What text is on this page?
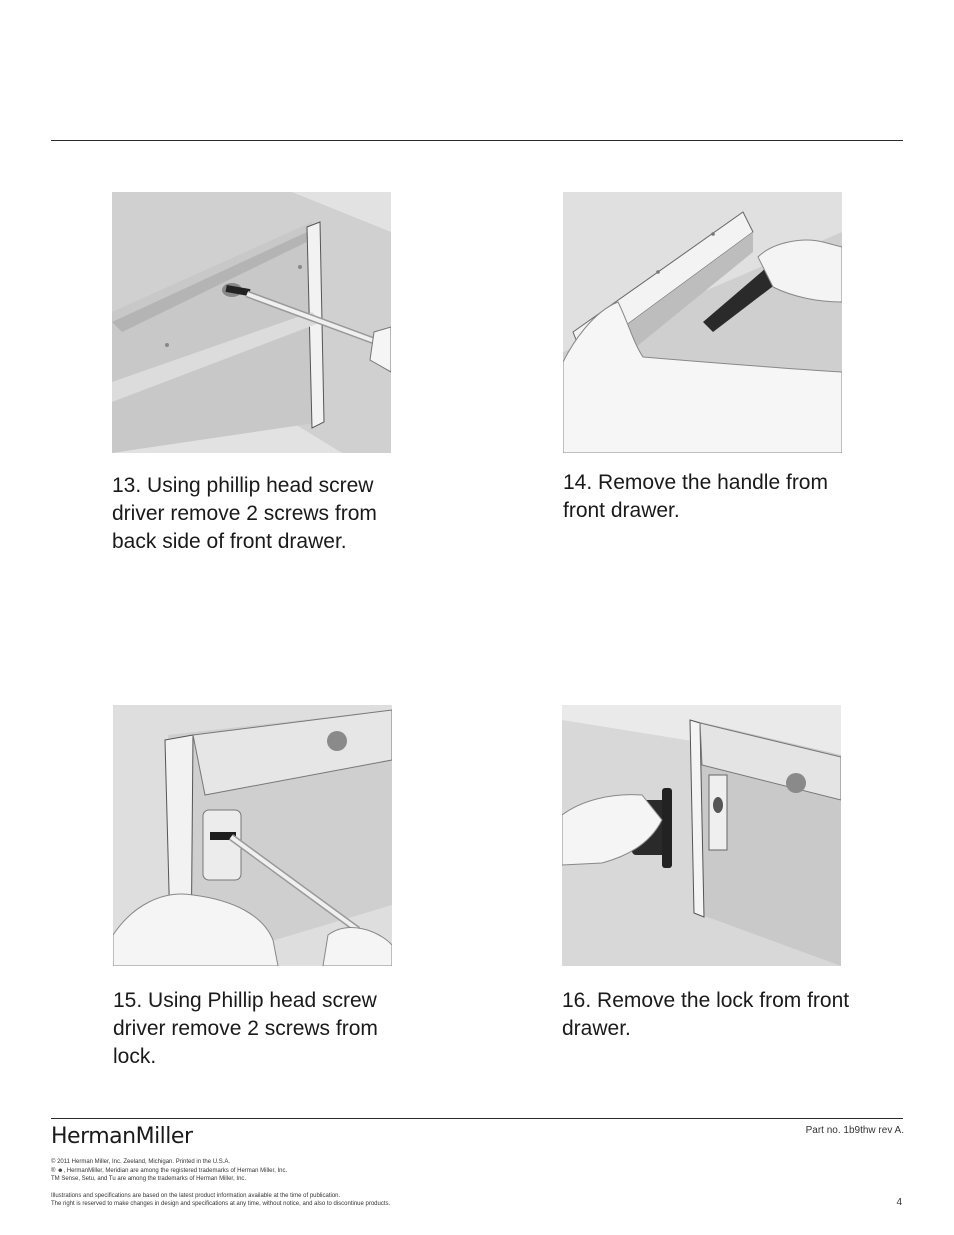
13. Using phillip head screw driver remove 2 screws from back side of front drawer.
14. Remove the handle from front drawer.
15. Using Phillip head screw driver remove 2 screws from lock.
16. Remove the lock from front drawer.
HermanMiller	Part no. 1b9thw rev A.
© 2011 Herman Miller, Inc. Zeeland, Michigan. Printed in the U.S.A.
® ☻, HermanMiller, Meridian are among the registered trademarks of Herman Miller, Inc.
TM Sense, Setu, and Tu are among the trademarks of Herman Miller, Inc.
Illustrations and specifications are based on the latest product information available at the time of publication.
The right is reserved to make changes in design and specifications at any time, without notice, and also to discontinue products.	4
